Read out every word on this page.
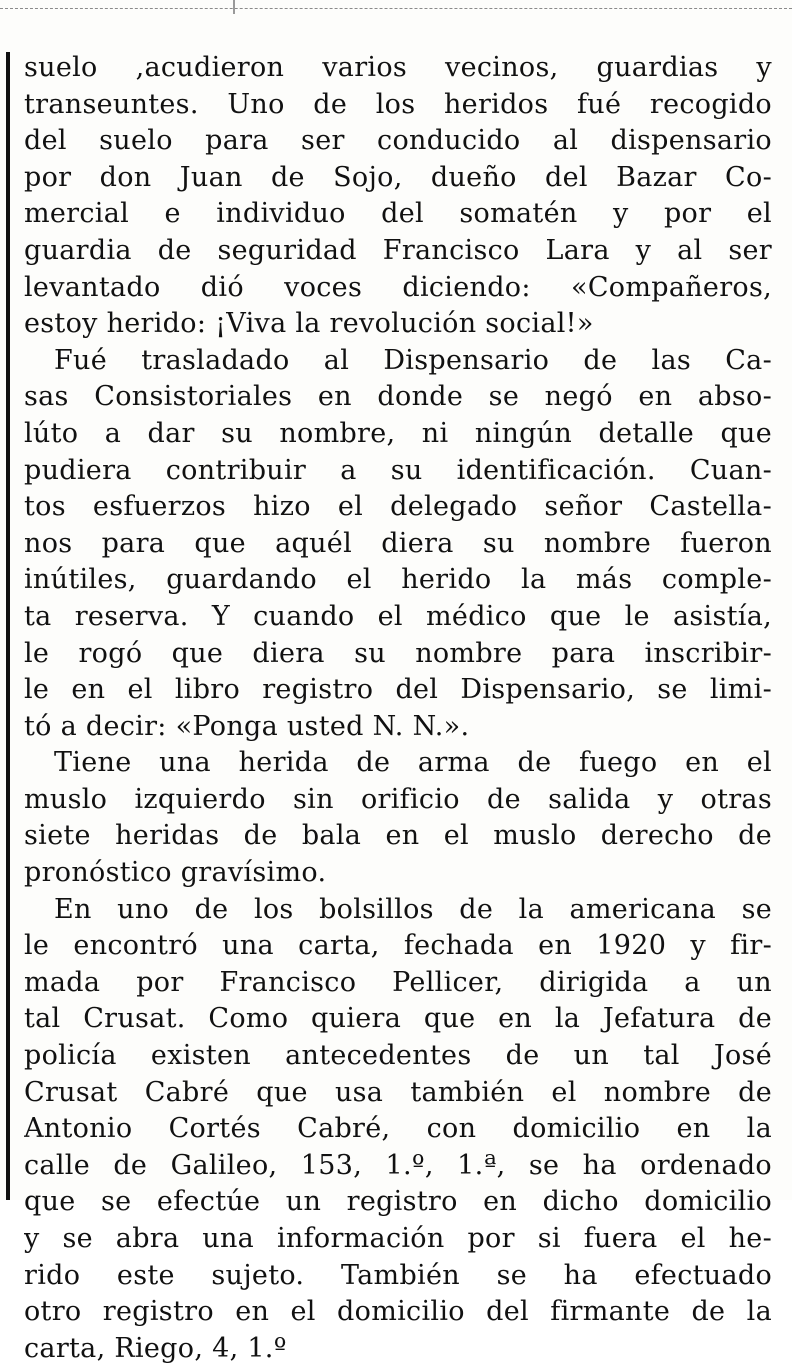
suelo ,acudieron varios vecinos, guardias y
transeuntes. Uno de los heridos fué recogido
del suelo para ser conducido al dispensario
por don Juan de Sojo, dueño del Bazar Co-
mercial e individuo del somatén y por el
guardia de seguridad Francisco Lara y al ser
levantado dió voces diciendo: «Compañeros,
estoy herido: ¡Viva la revolución social!»

Fué trasladado al Dispensario de las Ca-
sas Consistoriales en donde se negó en abso-
lúto a dar su nombre, ni ningún detalle que
pudiera contribuir a su identificación. Cuan-
tos esfuerzos hizo el delegado señor Castella-
nos para que aquél diera su nombre fueron
inútiles, guardando el herido la más comple-
ta reserva. Y cuando el médico que le asistía,
le rogó que diera su nombre para inscribir-
le en el libro registro del Dispensario, se limi-
tó a decir: «Ponga usted N. N.».

Tiene una herida de arma de fuego en el
muslo izquierdo sin orificio de salida y otras
siete heridas de bala en el muslo derecho de
pronóstico gravísimo.

En uno de los bolsillos de la americana se
le encontró una carta, fechada en 1920 y fir-
mada por Francisco Pellicer, dirigida a un
tal Crusat. Como quiera que en la Jefatura de
policía existen antecedentes de un tal José
Crusat Cabré que usa también el nombre de
Antonio Cortés Cabré, con domicilio en la
calle de Galileo, 153, 1.º, 1.ª, se ha ordenado
que se efectúe un registro en dicho domicilio
y se abra una información por si fuera el he-
rido este sujeto. También se ha efectuado
otro registro en el domicilio del firmante de la
carta, Riego, 4, 1.º
